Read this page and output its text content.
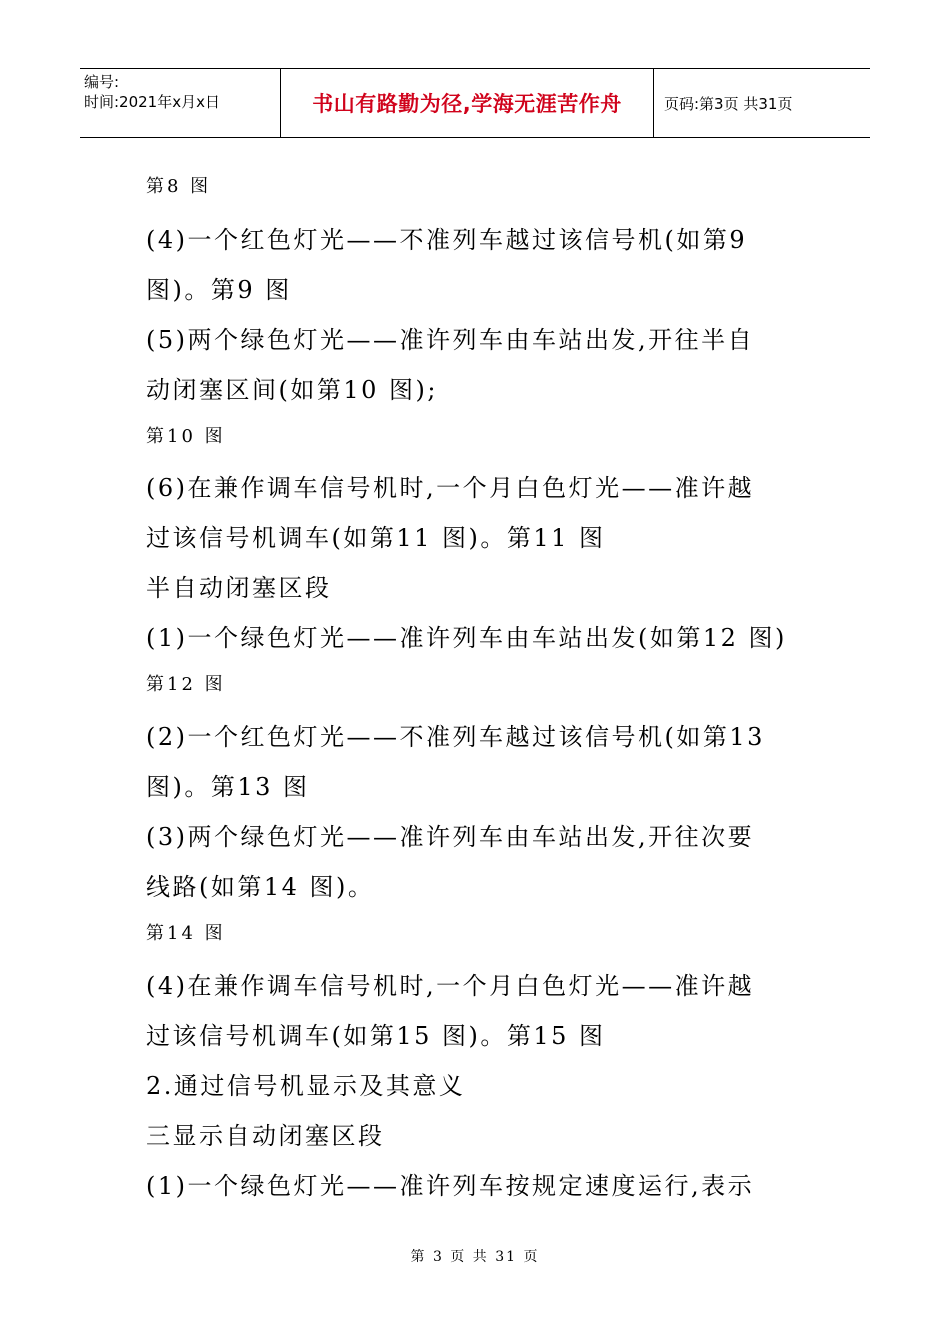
编号:
时间:2021年x月x日	书山有路勤为径,学海无涯苦作舟	页码:第3页 共31页
第8 图
(4)一个红色灯光——不准列车越过该信号机(如第9
图)。第9 图
(5)两个绿色灯光——准许列车由车站出发,开往半自
动闭塞区间(如第10 图);
第10 图
(6)在兼作调车信号机时,一个月白色灯光——准许越
过该信号机调车(如第11 图)。第11 图
半自动闭塞区段
(1)一个绿色灯光——准许列车由车站出发(如第12 图)
第12 图
(2)一个红色灯光——不准列车越过该信号机(如第13
图)。第13 图
(3)两个绿色灯光——准许列车由车站出发,开往次要
线路(如第14 图)。
第14 图
(4)在兼作调车信号机时,一个月白色灯光——准许越
过该信号机调车(如第15 图)。第15 图
2.通过信号机显示及其意义
三显示自动闭塞区段
(1)一个绿色灯光——准许列车按规定速度运行,表示
第 3 页 共 31 页
